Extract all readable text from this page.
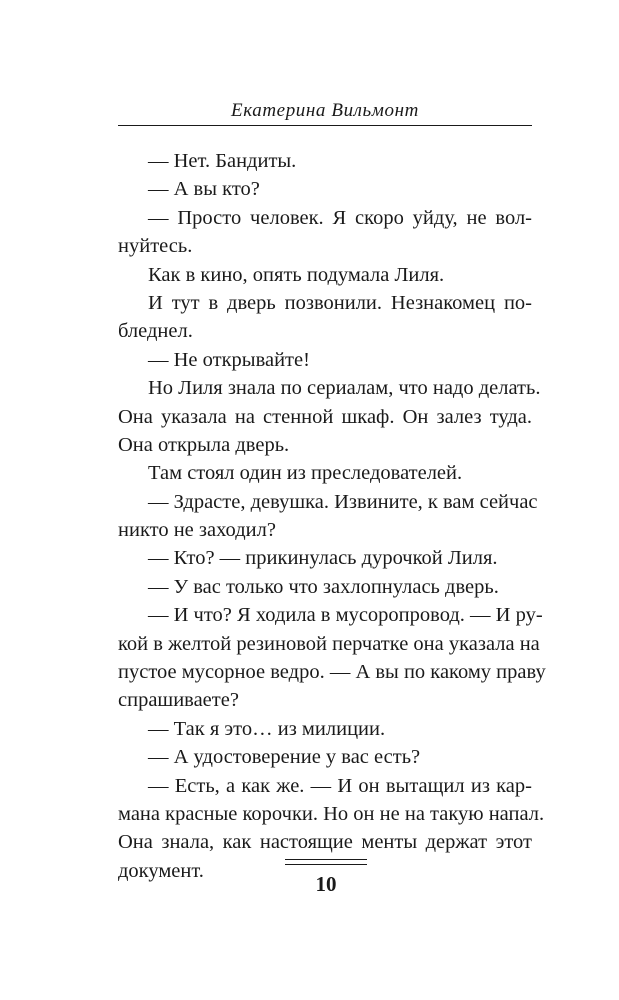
Екатерина Вильмонт
— Нет. Бандиты.
— А вы кто?
— Просто человек. Я скоро уйду, не вол-
нуйтесь.
Как в кино, опять подумала Лиля.
И тут в дверь позвонили. Незнакомец по-
бледнел.
— Не открывайте!
Но Лиля знала по сериалам, что надо делать.
Она указала на стенной шкаф. Он залез туда.
Она открыла дверь.
Там стоял один из преследователей.
— Здрасте, девушка. Извините, к вам сейчас
никто не заходил?
— Кто? — прикинулась дурочкой Лиля.
— У вас только что захлопнулась дверь.
— И что? Я ходила в мусоропровод. — И ру-
кой в желтой резиновой перчатке она указала на
пустое мусорное ведро. — А вы по какому праву
спрашиваете?
— Так я это… из милиции.
— А удостоверение у вас есть?
— Есть, а как же. — И он вытащил из кар-
мана красные корочки. Но он не на такую напал.
Она знала, как настоящие менты держат этот
документ.
10
